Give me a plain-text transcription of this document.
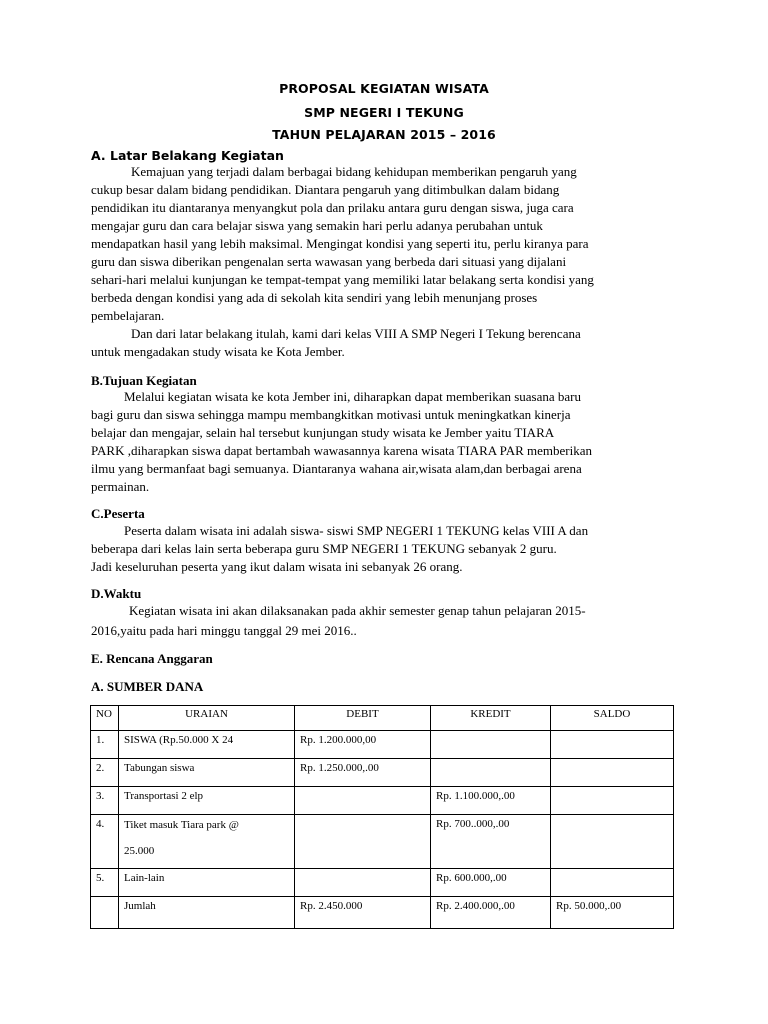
PROPOSAL KEGIATAN WISATA
SMP NEGERI I TEKUNG
TAHUN PELAJARAN 2015 – 2016
A. Latar Belakang Kegiatan
Kemajuan yang terjadi dalam berbagai bidang kehidupan memberikan pengaruh yang
cukup besar dalam bidang pendidikan. Diantara pengaruh yang ditimbulkan dalam bidang
pendidikan itu diantaranya menyangkut pola dan prilaku antara guru dengan siswa, juga cara
mengajar guru dan cara belajar siswa yang semakin hari perlu adanya perubahan untuk
mendapatkan hasil yang lebih maksimal. Mengingat kondisi yang seperti itu, perlu kiranya para
guru dan siswa diberikan pengenalan serta wawasan yang berbeda dari situasi yang dijalani
sehari-hari melalui kunjungan ke tempat-tempat yang memiliki latar belakang serta kondisi yang
berbeda dengan kondisi yang ada di sekolah kita sendiri yang lebih menunjang proses
pembelajaran.
Dan dari latar belakang itulah, kami dari kelas VIII A SMP Negeri I Tekung berencana
untuk mengadakan study wisata ke Kota Jember.
B.Tujuan Kegiatan
Melalui kegiatan wisata ke kota Jember ini, diharapkan dapat memberikan suasana baru
bagi guru dan siswa sehingga mampu membangkitkan motivasi untuk meningkatkan kinerja
belajar dan mengajar, selain hal tersebut kunjungan study wisata ke Jember yaitu TIARA
PARK ,diharapkan siswa dapat bertambah wawasannya karena wisata TIARA PAR memberikan
ilmu yang bermanfaat bagi semuanya. Diantaranya wahana air,wisata alam,dan berbagai arena
permainan.
C.Peserta
Peserta dalam wisata ini adalah siswa- siswi SMP NEGERI 1 TEKUNG kelas VIII A dan
beberapa dari kelas lain serta beberapa guru SMP NEGERI 1 TEKUNG sebanyak 2 guru.
Jadi keseluruhan peserta yang ikut dalam wisata ini sebanyak 26 orang.
D.Waktu
Kegiatan wisata ini akan dilaksanakan pada akhir semester genap tahun pelajaran 2015-
2016,yaitu pada hari minggu tanggal 29 mei 2016..
E. Rencana Anggaran
A. SUMBER DANA
NO	URAIAN	DEBIT	KREDIT	SALDO
1.	SISWA (Rp.50.000 X 24	Rp. 1.200.000,00		
2.	Tabungan siswa	Rp. 1.250.000,.00		
3.	Transportasi 2 elp		Rp. 1.100.000,.00	
4.	Tiket masuk Tiara park @
25.000		Rp. 700..000,.00	
5.	Lain-lain		Rp. 600.000,.00	
	Jumlah	Rp. 2.450.000	Rp. 2.400.000,.00	Rp. 50.000,.00
